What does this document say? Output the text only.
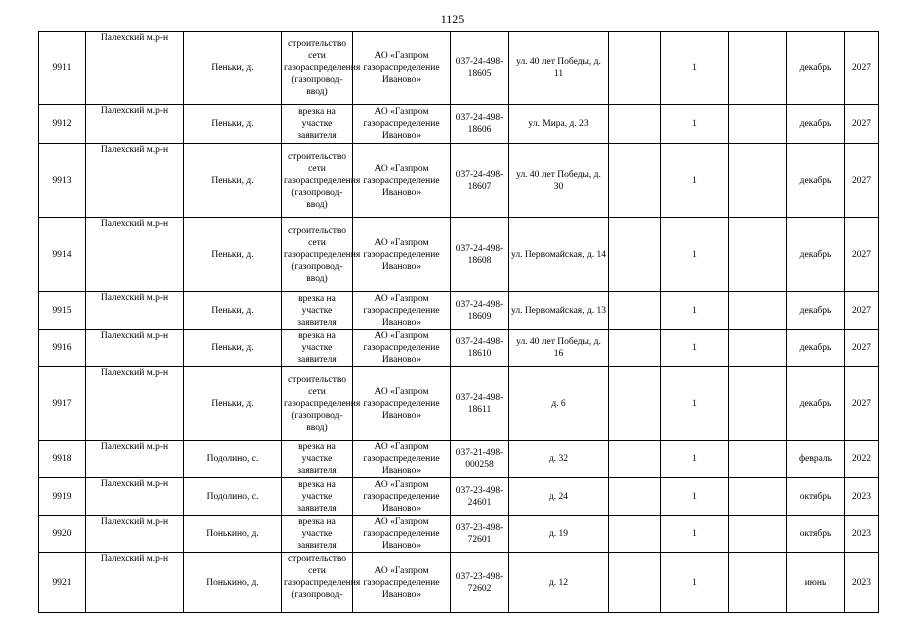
1125
9911	Палехский м.р-н	Пеньки, д.	строительство сети газораспределения (газопровод-ввод)	АО «Газпром газораспределение Иваново»	037-24-498-18605	ул. 40 лет Победы, д. 11		1		декабрь	2027
9912	Палехский м.р-н	Пеньки, д.	врезка на участке заявителя	АО «Газпром газораспределение Иваново»	037-24-498-18606	ул. Мира, д. 23		1		декабрь	2027
9913	Палехский м.р-н	Пеньки, д.	строительство сети газораспределения (газопровод-ввод)	АО «Газпром газораспределение Иваново»	037-24-498-18607	ул. 40 лет Победы, д. 30		1		декабрь	2027
9914	Палехский м.р-н	Пеньки, д.	строительство сети газораспределения (газопровод-ввод)	АО «Газпром газораспределение Иваново»	037-24-498-18608	ул. Первомайская, д. 14		1		декабрь	2027
9915	Палехский м.р-н	Пеньки, д.	врезка на участке заявителя	АО «Газпром газораспределение Иваново»	037-24-498-18609	ул. Первомайская, д. 13		1		декабрь	2027
9916	Палехский м.р-н	Пеньки, д.	врезка на участке заявителя	АО «Газпром газораспределение Иваново»	037-24-498-18610	ул. 40 лет Победы, д. 16		1		декабрь	2027
9917	Палехский м.р-н	Пеньки, д.	строительство сети газораспределения (газопровод-ввод)	АО «Газпром газораспределение Иваново»	037-24-498-18611	д. 6		1		декабрь	2027
9918	Палехский м.р-н	Подолино, с.	врезка на участке заявителя	АО «Газпром газораспределение Иваново»	037-21-498-000258	д. 32		1		февраль	2022
9919	Палехский м.р-н	Подолино, с.	врезка на участке заявителя	АО «Газпром газораспределение Иваново»	037-23-498-24601	д. 24		1		октябрь	2023
9920	Палехский м.р-н	Понькино, д.	врезка на участке заявителя	АО «Газпром газораспределение Иваново»	037-23-498-72601	д. 19		1		октябрь	2023
9921	Палехский м.р-н	Понькино, д.	строительство сети газораспределения (газопровод-	АО «Газпром газораспределение Иваново»	037-23-498-72602	д. 12		1		июнь	2023
